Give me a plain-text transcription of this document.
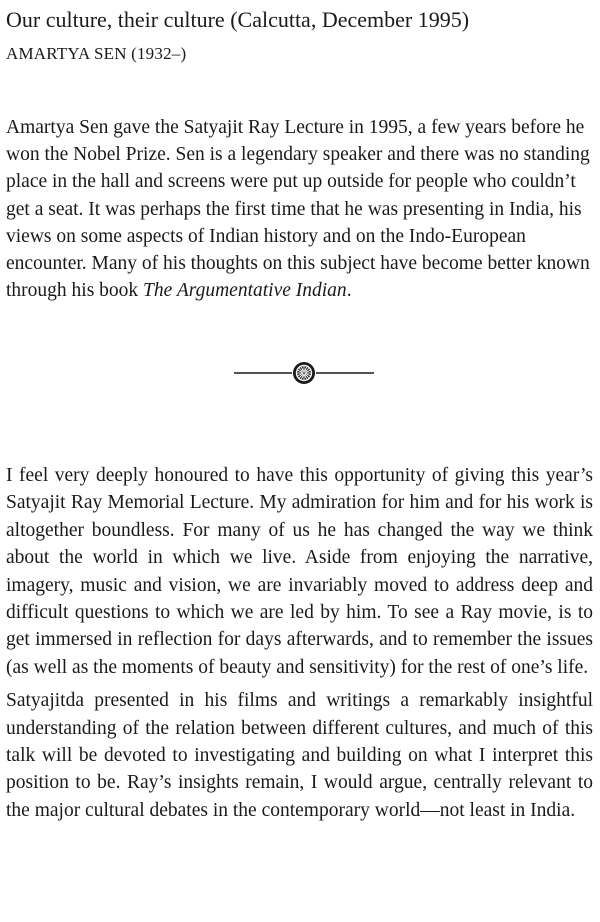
Our culture, their culture (Calcutta, December 1995)
AMARTYA SEN (1932–)

Amartya Sen gave the Satyajit Ray Lecture in 1995, a few years before he won the Nobel Prize. Sen is a legendary speaker and there was no standing place in the hall and screens were put up outside for people who couldn’t get a seat. It was perhaps the first time that he was presenting in India, his views on some aspects of Indian history and on the Indo-European encounter. Many of his thoughts on this subject have become better known through his book The Argumentative Indian.

I feel very deeply honoured to have this opportunity of giving this year’s Satyajit Ray Memorial Lecture. My admiration for him and for his work is altogether boundless. For many of us he has changed the way we think about the world in which we live. Aside from enjoying the narrative, imagery, music and vision, we are invariably moved to address deep and difficult questions to which we are led by him. To see a Ray movie, is to get immersed in reflection for days afterwards, and to remember the issues (as well as the moments of beauty and sensitivity) for the rest of one’s life.

Satyajitda presented in his films and writings a remarkably insightful understanding of the relation between different cultures, and much of this talk will be devoted to investigating and building on what I interpret this position to be. Ray’s insights remain, I would argue, centrally relevant to the major cultural debates in the contemporary world—not least in India.
